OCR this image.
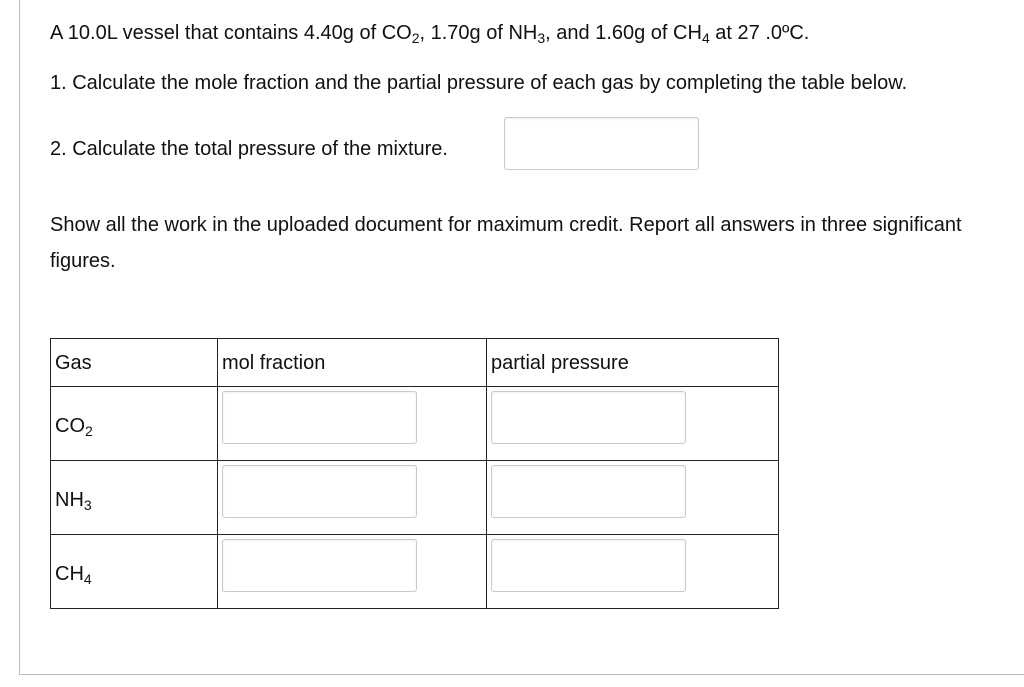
A 10.0L vessel that contains 4.40g of $CO_2$, 1.70g of $NH_3$, and 1.60g of $CH_4$ at 27 .0ºC.
1. Calculate the mole fraction and the partial pressure of each gas by completing the table below.
2. Calculate the total pressure of the mixture.
Show all the work in the uploaded document for maximum credit. Report all answers in three significant figures.
Gas	mol fraction	partial pressure

$CO_2$

$NH_3$

$CH_4$
